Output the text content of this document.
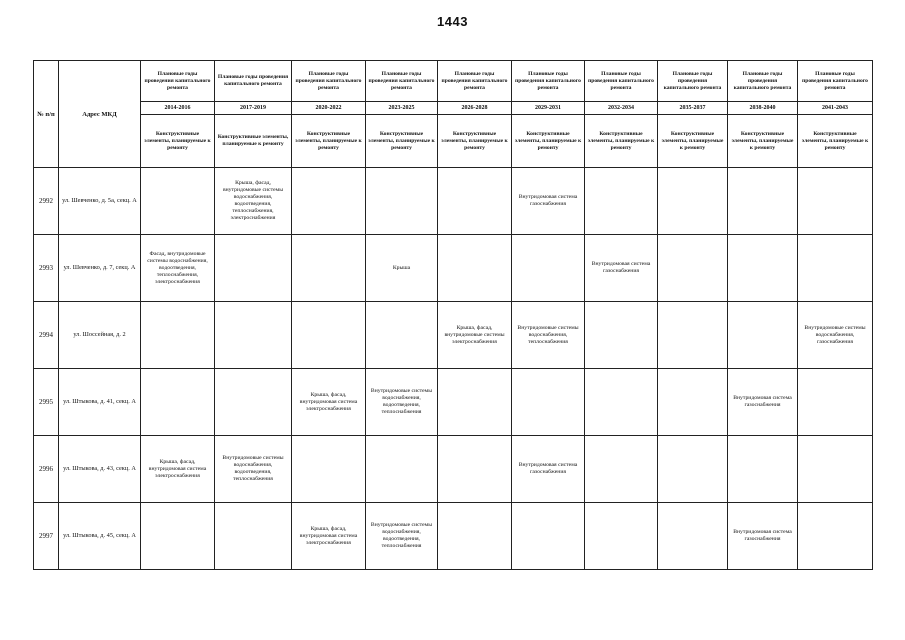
1443
№ п/п	Адрес МКД	Плановые годы проведения капитального ремонта	Плановые годы проведения капитального ремонта	Плановые годы проведения капитального ремонта	Плановые годы проведения капитального ремонта	Плановые годы проведения капитального ремонта	Плановые годы проведения капитального ремонта	Плановые годы проведения капитального ремонта	Плановые годы проведения капитального ремонта	Плановые годы проведения капитального ремонта	Плановые годы проведения капитального ремонта
		2014-2016	2017-2019	2020-2022	2023-2025	2026-2028	2029-2031	2032-2034	2035-2037	2038-2040	2041-2043
		Конструктивные элементы, планируемые к ремонту	Конструктивные элементы, планируемые к ремонту	Конструктивные элементы, планируемые к ремонту	Конструктивные элементы, планируемые к ремонту	Конструктивные элементы, планируемые к ремонту	Конструктивные элементы, планируемые к ремонту	Конструктивные элементы, планируемые к ремонту	Конструктивные элементы, планируемые к ремонту	Конструктивные элементы, планируемые к ремонту	Конструктивные элементы, планируемые к ремонту
2992	ул. Шевченко, д. 5а, секц. А		Крыша, фасад, внутридомовые системы водоснабжения, водоотведения, теплоснабжения, электроснабжения				Внутридомовая система газоснабжения				
2993	ул. Шевченко, д. 7, секц. А	Фасад, внутридомовые системы водоснабжения, водоотведения, теплоснабжения, электроснабжения			Крыша			Внутридомовая система газоснабжения			
2994	ул. Шоссейная, д. 2					Крыша, фасад, внутридомовые системы электроснабжения	Внутридомовые системы водоснабжения, теплоснабжения				Внутридомовые системы водоснабжения, газоснабжения
2995	ул. Штыкова, д. 41, секц. А			Крыша, фасад, внутридомовая система электроснабжения	Внутридомовые системы водоснабжения, водоотведения, теплоснабжения					Внутридомовая система газоснабжения	
2996	ул. Штыкова, д. 43, секц. А	Крыша, фасад, внутридомовая система электроснабжения	Внутридомовые системы водоснабжения, водоотведения, теплоснабжения				Внутридомовая система газоснабжения				
2997	ул. Штыкова, д. 45, секц. А			Крыша, фасад, внутридомовая система электроснабжения	Внутридомовые системы водоснабжения, водоотведения, теплоснабжения					Внутридомовая система газоснабжения	
